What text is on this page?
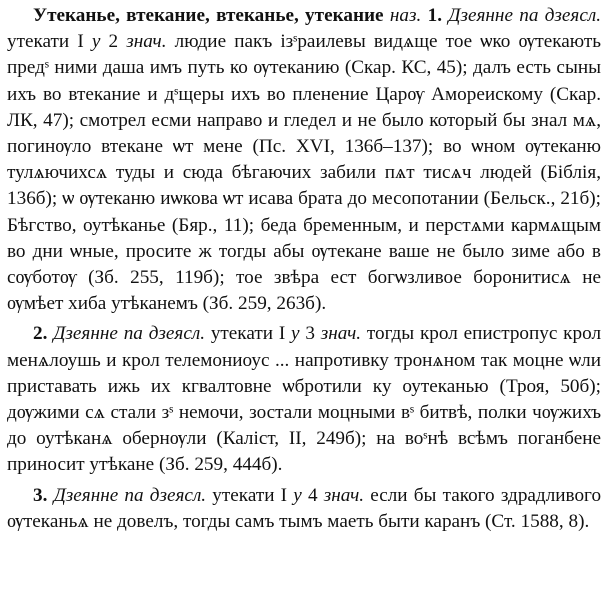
Утеканье, втекание, втеканье, утекание наз. 1. Дзеянне па дзеясл. утекати I у 2 знач. людие пакъ ізˢраилевы видѧще тое ѡко ѹтекають предˢ ними даша имъ путь ко ѹтеканию (Скар. КС, 45); далъ есть сыны ихъ во втекание и дˢщеры ихъ во пленение Царѹ Амореискому (Скар. ЛК, 47); смотрел есми направо и гледел и не было который бы знал мѧ, погинѹло втекане ѡт мене (Пс. XVI, 136б–137); во ѡном ѹтеканю тулѧючихсѧ туды и сюда бѣгаючих забили пѧт тисѧч людей (Бiблiя, 136б); ѡ ѹтеканю иѡкова ѡт исава брата до месопотании (Бельск., 21б); Бѣгство, оутѣканье (Бяр., 11); беда бременным, и перстѧми кармѧщым во дни ѡные, просите ж тогды абы ѹтекане ваше не было зиме або в сѹботѹ (Зб. 255, 119б); тое звѣра ест богѡзливое боронитисѧ не ѹмѣет хиба утѣканемъ (Зб. 259, 263б).

2. Дзеянне па дзеясл. утекати I у 3 знач. тогды крол епистропус крол менѧлоушь и крол телемониоус ... напротивку тронѧном так моцне ѡли приставать ижь их кгвалтовне ѡбротили ку оутеканью (Троя, 50б); дѹжими сѧ стали зˢ немочи, зостали моцными вˢ битвѣ, полки чѹжихъ до оутѣканѧ обернѹли (Калiст, II, 249б); на воˢнѣ всѣмъ поганбене приносит утѣкане (Зб. 259, 444б).

3. Дзеянне па дзеясл. утекати I у 4 знач. если бы такого здрадливого ѹтеканьѧ не довелъ, тогды самъ тымъ маеть быти каранъ (Ст. 1588, 8).
